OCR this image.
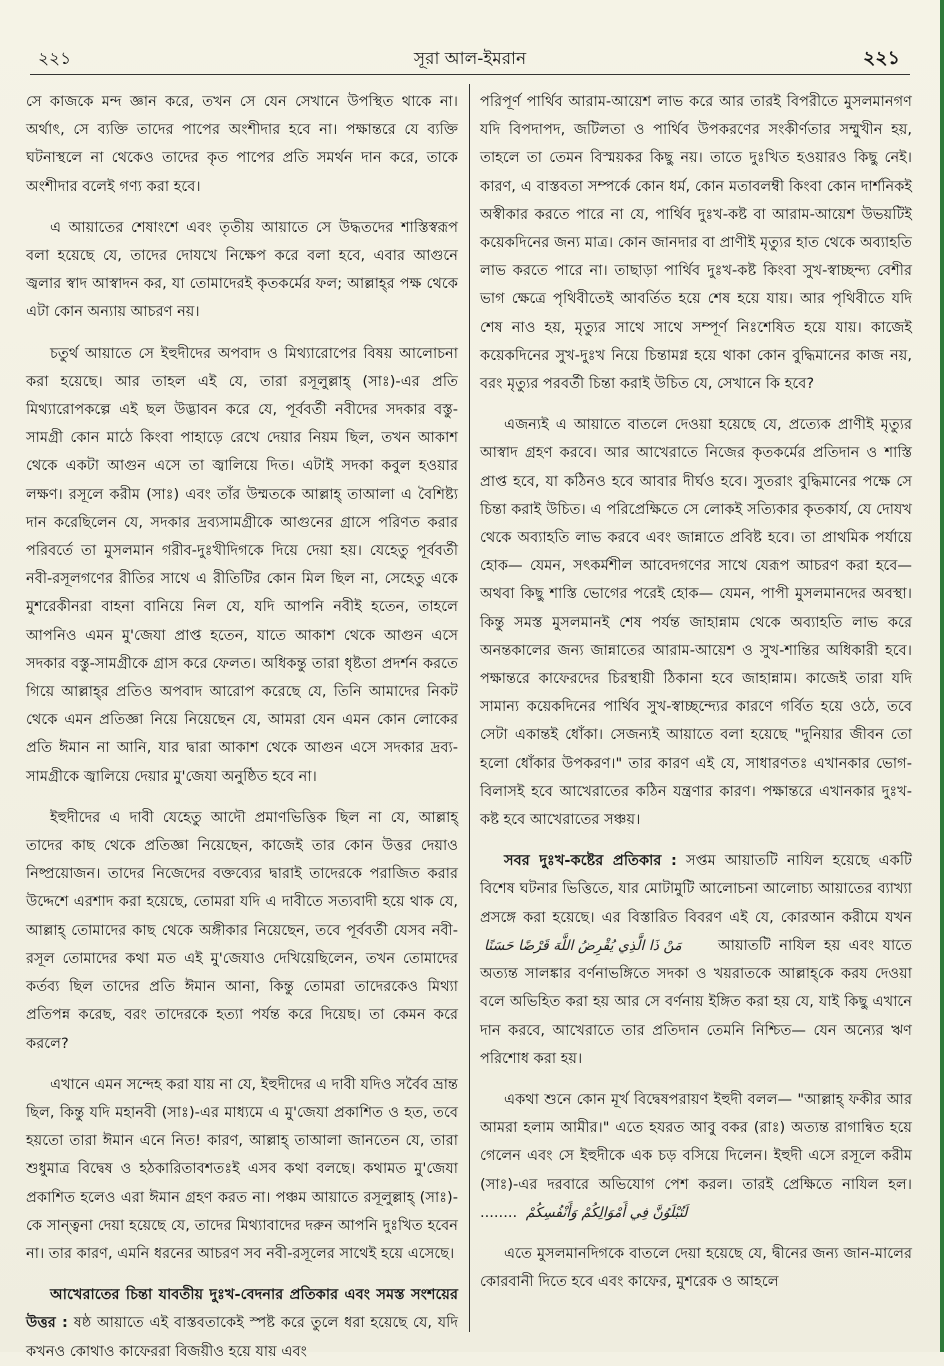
২২১	সূরা আল-ইমরান	২২১

সে কাজকে মন্দ জ্ঞান করে, তখন সে যেন সেখানে উপস্থিত থাকে না। অর্থাৎ, সে ব্যক্তি তাদের পাপের অংশীদার হবে না। পক্ষান্তরে যে ব্যক্তি ঘটনাস্থলে না থেকেও তাদের কৃত পাপের প্রতি সমর্থন দান করে, তাকে অংশীদার বলেই গণ্য করা হবে।

এ আয়াতের শেষাংশে এবং তৃতীয় আয়াতে সে উদ্ধতদের শাস্তিস্বরূপ বলা হয়েছে যে, তাদের দোযখে নিক্ষেপ করে বলা হবে, এবার আগুনে জ্বলার স্বাদ আস্বাদন কর, যা তোমাদেরই কৃতকর্মের ফল; আল্লাহ্‌র পক্ষ থেকে এটা কোন অন্যায় আচরণ নয়।

চতুর্থ আয়াতে সে ইহুদীদের অপবাদ ও মিথ্যারোপের বিষয় আলোচনা করা হয়েছে। আর তাহল এই যে, তারা রসূলুল্লাহ্‌ (সাঃ)-এর প্রতি মিথ্যারোপকল্পে এই ছল উদ্ভাবন করে যে, পূর্ববর্তী নবীদের সদকার বস্তু-সামগ্রী কোন মাঠে কিংবা পাহাড়ে রেখে দেয়ার নিয়ম ছিল, তখন আকাশ থেকে একটা আগুন এসে তা জ্বালিয়ে দিত। এটাই সদকা কবুল হওয়ার লক্ষণ। রসূলে করীম (সাঃ) এবং তাঁর উম্মতকে আল্লাহ্‌ তাআলা এ বৈশিষ্ট্য দান করেছিলেন যে, সদকার দ্রব্যসামগ্রীকে আগুনের গ্রাসে পরিণত করার পরিবর্তে তা মুসলমান গরীব-দুঃখীদিগকে দিয়ে দেয়া হয়। যেহেতু পূর্ববর্তী নবী-রসূলগণের রীতির সাথে এ রীতিটির কোন মিল ছিল না, সেহেতু একে মুশরেকীনরা বাহনা বানিয়ে নিল যে, যদি আপনি নবীই হতেন, তাহলে আপনিও এমন মু'জেযা প্রাপ্ত হতেন, যাতে আকাশ থেকে আগুন এসে সদকার বস্তু-সামগ্রীকে গ্রাস করে ফেলত। অধিকন্তু তারা ধৃষ্টতা প্রদর্শন করতে গিয়ে আল্লাহ্‌র প্রতিও অপবাদ আরোপ করেছে যে, তিনি আমাদের নিকট থেকে এমন প্রতিজ্ঞা নিয়ে নিয়েছেন যে, আমরা যেন এমন কোন লোকের প্রতি ঈমান না আনি, যার দ্বারা আকাশ থেকে আগুন এসে সদকার দ্রব্য-সামগ্রীকে জ্বালিয়ে দেয়ার মু'জেযা অনুষ্ঠিত হবে না।

ইহুদীদের এ দাবী যেহেতু আদৌ প্রমাণভিত্তিক ছিল না যে, আল্লাহ্‌ তাদের কাছ থেকে প্রতিজ্ঞা নিয়েছেন, কাজেই তার কোন উত্তর দেয়াও নিষ্প্রয়োজন। তাদের নিজেদের বক্তব্যের দ্বারাই তাদেরকে পরাজিত করার উদ্দেশে এরশাদ করা হয়েছে, তোমরা যদি এ দাবীতে সত্যবাদী হয়ে থাক যে, আল্লাহ্‌ তোমাদের কাছ থেকে অঙ্গীকার নিয়েছেন, তবে পূর্ববর্তী যেসব নবী-রসূল তোমাদের কথা মত এই মু'জেযাও দেখিয়েছিলেন, তখন তোমাদের কর্তব্য ছিল তাদের প্রতি ঈমান আনা, কিন্তু তোমরা তাদেরকেও মিথ্যা প্রতিপন্ন করেছ, বরং তাদেরকে হত্যা পর্যন্ত করে দিয়েছ। তা কেমন করে করলে?

এখানে এমন সন্দেহ করা যায় না যে, ইহুদীদের এ দাবী যদিও সর্বৈব ভ্রান্ত ছিল, কিন্তু যদি মহানবী (সাঃ)-এর মাধ্যমে এ মু'জেযা প্রকাশিত ও হত, তবে হয়তো তারা ঈমান এনে নিত! কারণ, আল্লাহ্‌ তাআলা জানতেন যে, তারা শুধুমাত্র বিদ্বেষ ও হঠকারিতাবশতঃই এসব কথা বলছে। কথামত মু'জেযা প্রকাশিত হলেও এরা ঈমান গ্রহণ করত না। পঞ্চম আয়াতে রসূলুল্লাহ্‌ (সাঃ)-কে সান্ত্বনা দেয়া হয়েছে যে, তাদের মিথ্যাবাদের দরুন আপনি দুঃখিত হবেন না। তার কারণ, এমনি ধরনের আচরণ সব নবী-রসূলের সাথেই হয়ে এসেছে।

আখেরাতের চিন্তা যাবতীয় দুঃখ-বেদনার প্রতিকার এবং সমস্ত সংশয়ের উত্তর : ষষ্ঠ আয়াতে এই বাস্তবতাকেই স্পষ্ট করে তুলে ধরা হয়েছে যে, যদি কখনও কোথাও কাফেররা বিজয়ীও হয়ে যায় এবং

পরিপূর্ণ পার্থিব আরাম-আয়েশ লাভ করে আর তারই বিপরীতে মুসলমানগণ যদি বিপদাপদ, জটিলতা ও পার্থিব উপকরণের সংকীর্ণতার সম্মুখীন হয়, তাহলে তা তেমন বিস্ময়কর কিছু নয়। তাতে দুঃখিত হওয়ারও কিছু নেই। কারণ, এ বাস্তবতা সম্পর্কে কোন ধর্ম, কোন মতাবলম্বী কিংবা কোন দার্শনিকই অস্বীকার করতে পারে না যে, পার্থিব দুঃখ-কষ্ট বা আরাম-আয়েশ উভয়টিই কয়েকদিনের জন্য মাত্র। কোন জানদার বা প্রাণীই মৃত্যুর হাত থেকে অব্যাহতি লাভ করতে পারে না। তাছাড়া পার্থিব দুঃখ-কষ্ট কিংবা সুখ-স্বাচ্ছন্দ্য বেশীর ভাগ ক্ষেত্রে পৃথিবীতেই আবর্তিত হয়ে শেষ হয়ে যায়। আর পৃথিবীতে যদি শেষ নাও হয়, মৃত্যুর সাথে সাথে সম্পূর্ণ নিঃশেষিত হয়ে যায়। কাজেই কয়েকদিনের সুখ-দুঃখ নিয়ে চিন্তামগ্ন হয়ে থাকা কোন বুদ্ধিমানের কাজ নয়, বরং মৃত্যুর পরবর্তী চিন্তা করাই উচিত যে, সেখানে কি হবে?

এজন্যই এ আয়াতে বাতলে দেওয়া হয়েছে যে, প্রত্যেক প্রাণীই মৃত্যুর আস্বাদ গ্রহণ করবে। আর আখেরাতে নিজের কৃতকর্মের প্রতিদান ও শাস্তি প্রাপ্ত হবে, যা কঠিনও হবে আবার দীর্ঘও হবে। সুতরাং বুদ্ধিমানের পক্ষে সে চিন্তা করাই উচিত। এ পরিপ্রেক্ষিতে সে লোকই সত্যিকার কৃতকার্য, যে দোযখ থেকে অব্যাহতি লাভ করবে এবং জান্নাতে প্রবিষ্ট হবে। তা প্রাথমিক পর্যায়ে হোক— যেমন, সৎকর্মশীল আবেদগণের সাথে যেরূপ আচরণ করা হবে— অথবা কিছু শাস্তি ভোগের পরেই হোক— যেমন, পাপী মুসলমানদের অবস্থা। কিন্তু সমস্ত মুসলমানই শেষ পর্যন্ত জাহান্নাম থেকে অব্যাহতি লাভ করে অনন্তকালের জন্য জান্নাতের আরাম-আয়েশ ও সুখ-শান্তির অধিকারী হবে। পক্ষান্তরে কাফেরদের চিরস্থায়ী ঠিকানা হবে জাহান্নাম। কাজেই তারা যদি সামান্য কয়েকদিনের পার্থিব সুখ-স্বাচ্ছন্দ্যের কারণে গর্বিত হয়ে ওঠে, তবে সেটা একান্তই ধোঁকা। সেজন্যই আয়াতে বলা হয়েছে "দুনিয়ার জীবন তো হলো ধোঁকার উপকরণ।" তার কারণ এই যে, সাধারণতঃ এখানকার ভোগ-বিলাসই হবে আখেরাতের কঠিন যন্ত্রণার কারণ। পক্ষান্তরে এখানকার দুঃখ-কষ্ট হবে আখেরাতের সঞ্চয়।

সবর দুঃখ-কষ্টের প্রতিকার : সপ্তম আয়াতটি নাযিল হয়েছে একটি বিশেষ ঘটনার ভিত্তিতে, যার মোটামুটি আলোচনা আলোচ্য আয়াতের ব্যাখ্যা প্রসঙ্গে করা হয়েছে। এর বিস্তারিত বিবরণ এই যে, কোরআন করীমে যখন مَنْ ذَا الَّذِي يُقْرِضُ اللَّهَ قَرْضًا حَسَنًا আয়াতটি নাযিল হয় এবং যাতে অত্যন্ত সালঙ্কার বর্ণনাভঙ্গিতে সদকা ও খয়রাতকে আল্লাহ্‌কে করয দেওয়া বলে অভিহিত করা হয় আর সে বর্ণনায় ইঙ্গিত করা হয় যে, যাই কিছু এখানে দান করবে, আখেরাতে তার প্রতিদান তেমনি নিশ্চিত— যেন অন্যের ঋণ পরিশোধ করা হয়।

একথা শুনে কোন মূর্খ বিদ্বেষপরায়ণ ইহুদী বলল— "আল্লাহ্‌ ফকীর আর আমরা হলাম আমীর।" এতে হযরত আবু বকর (রাঃ) অত্যন্ত রাগান্বিত হয়ে গেলেন এবং সে ইহুদীকে এক চড় বসিয়ে দিলেন। ইহুদী এসে রসূলে করীম (সাঃ)-এর দরবারে অভিযোগ পেশ করল। তারই প্রেক্ষিতে নাযিল হল। ........ لَتُبْلَوُنَّ فِي أَمْوَالِكُمْ وَأَنْفُسِكُمْ

এতে মুসলমানদিগকে বাতলে দেয়া হয়েছে যে, দ্বীনের জন্য জান-মালের কোরবানী দিতে হবে এবং কাফের, মুশরেক ও আহলে
